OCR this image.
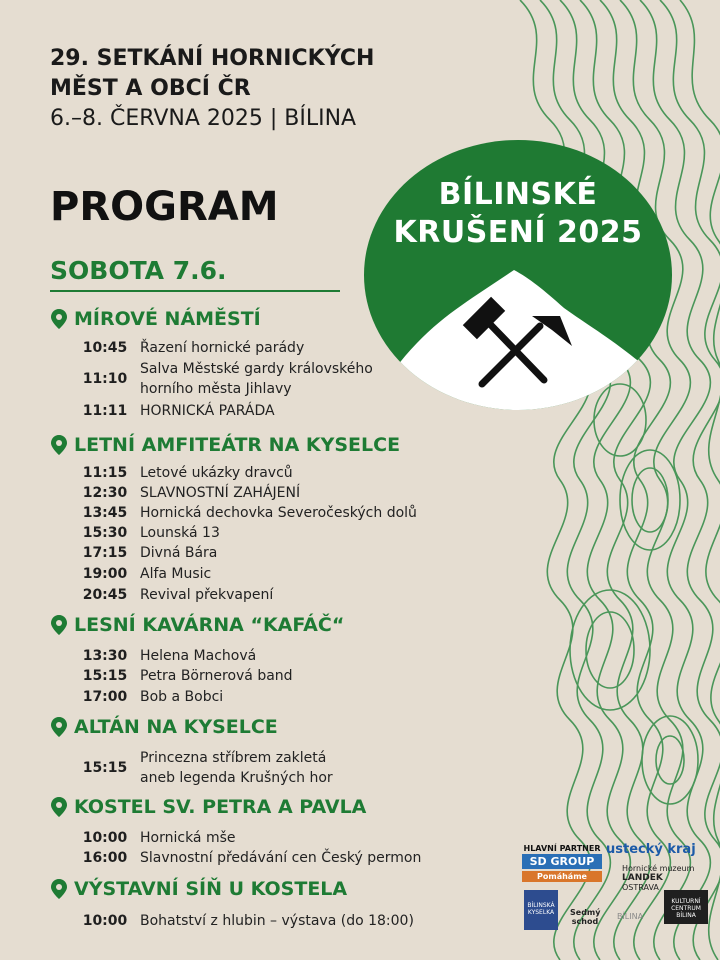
29. SETKÁNÍ HORNICKÝCH
MĚST A OBCÍ ČR
6.–8. ČERVNA 2025 | BÍLINA
PROGRAM
SOBOTA 7.6.
BÍLINSKÉ
KRUŠENÍ 2025
MÍROVÉ NÁMĚSTÍ
10:45 Řazení hornické parády
11:10
Salva Městské gardy královského
horního města Jihlavy
11:11 HORNICKÁ PARÁDA
LETNÍ AMFITEÁTR NA KYSELCE
11:15 Letové ukázky dravců
12:30 SLAVNOSTNÍ ZAHÁJENÍ
13:45 Hornická dechovka Severočeských dolů
15:30 Lounská 13
17:15 Divná Bára
19:00 Alfa Music
20:45 Revival překvapení
LESNÍ KAVÁRNA “KAFÁČ“
13:30 Helena Machová
15:15 Petra Börnerová band
17:00 Bob a Bobci
ALTÁN NA KYSELCE
15:15
Princezna stříbrem zakletá
aneb legenda Krušných hor
KOSTEL SV. PETRA A PAVLA
10:00 Hornická mše
16:00 Slavnostní předávání cen Český permon
VÝSTAVNÍ SÍŇ U KOSTELA
10:00 Bohatství z hlubin – výstava (do 18:00)
HLAVNÍ PARTNER
SD GROUP
Pomáháme
ustecký kraj
Hornické muzeum
LANDEK
OSTRAVA
BÍLINSKÁ KYSELKA	Sedmý schod
BÍLINA
KULTURNÍ CENTRUM BÍLINA
